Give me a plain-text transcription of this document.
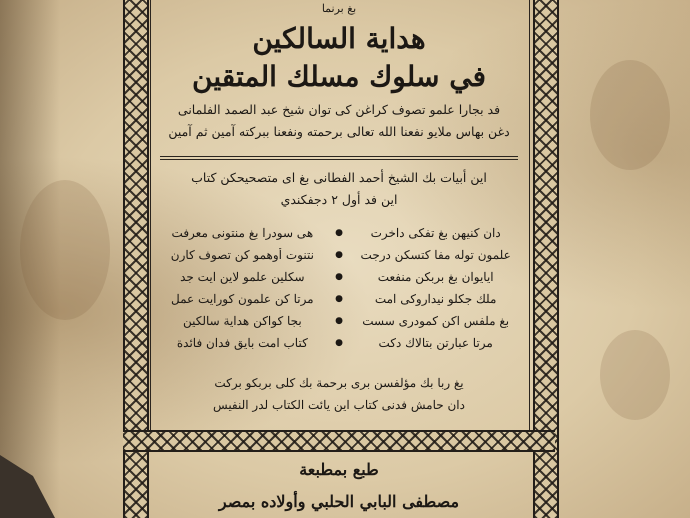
بغ برنما
هداية السالكين
في سلوك مسلك المتقين
فد بجارا علمو تصوف كراغن كى توان شيخ عبد الصمد الفلمانى
دغن بهاس ملايو نفعنا الله تعالى برحمته ونفعنا ببركته آمين ثم آمين
اين أبيات بك الشيخ أحمد الفطانى بغ اى متصحيحكن كتاب
اين فد أول ٢ دجفكندي
دان كنيهن بغ تفكى داخرت
●
هى سودرا بغ منتونى معرفت
علمون توله مفا كتسكن درجت
●
نتنوت أوهمو كن تصوف كارن
ايايوان بغ بربكن منفعت
●
سكلين علمو لاين ايت جد
ملك جكلو نيداروكى امت
●
مرتا كن علمون كورايت عمل
بغ ملفس اكن كمودرى سست
●
بجا كواكن هداية سالكين
مرتا عبارتن بتالاك دكت
●
كتاب امت بايق فدان فائدة
يغ ربا بك مؤلفسن برى برحمة بك كلى بربكو بركت
دان حامش فدنى كتاب اين يائت الكتاب لدر النفيس
طبع بمطبعة
مصطفى البابي الحلبي وأولاده بمصر
